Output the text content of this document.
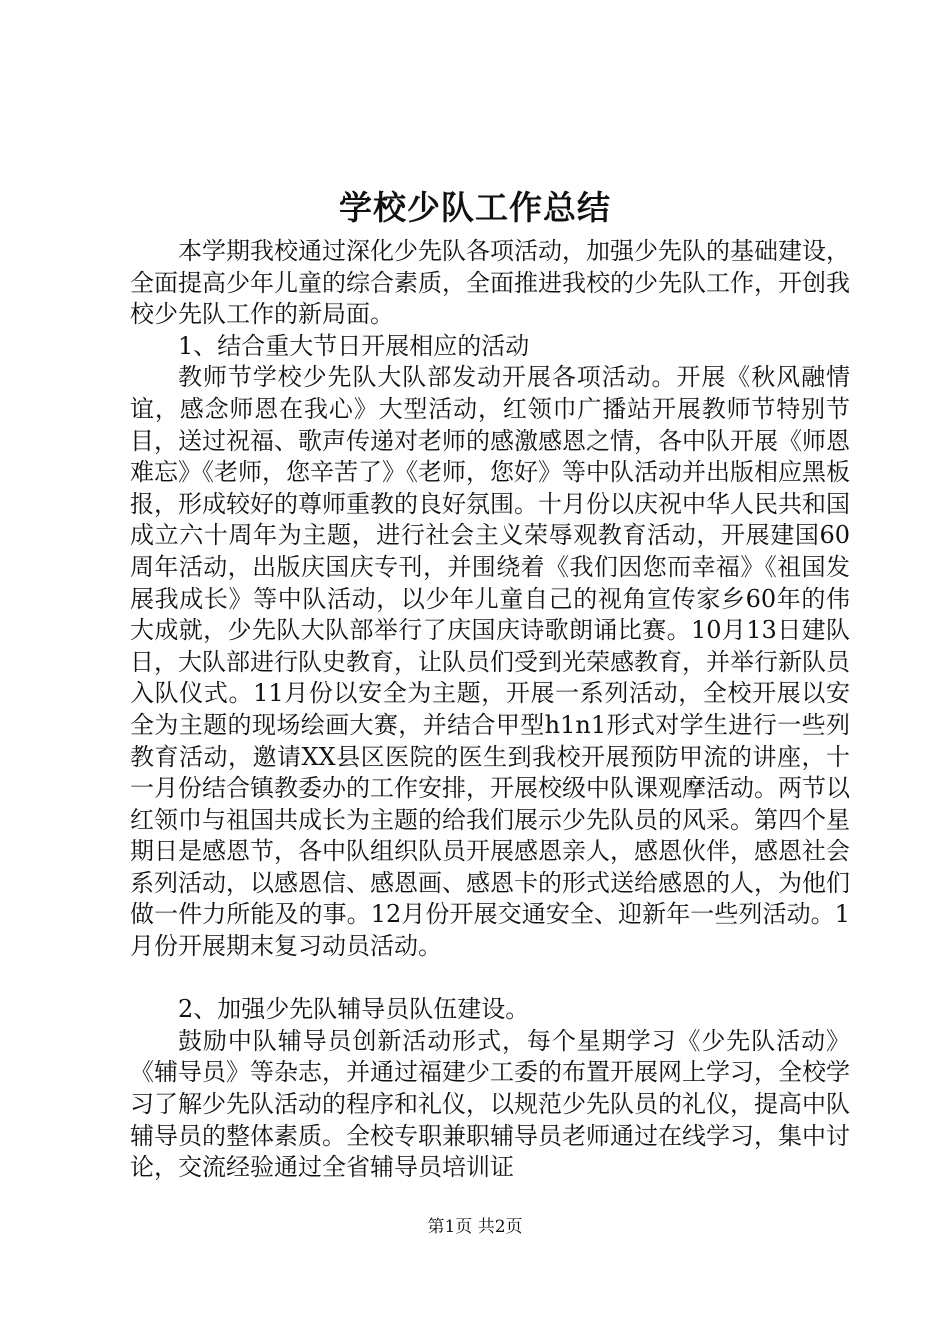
学校少队工作总结

本学期我校通过深化少先队各项活动，加强少先队的基础建设，全面提高少年儿童的综合素质，全面推进我校的少先队工作，开创我校少先队工作的新局面。

1、结合重大节日开展相应的活动

教师节学校少先队大队部发动开展各项活动。开展《秋风融情谊，感念师恩在我心》大型活动，红领巾广播站开展教师节特别节目，送过祝福、歌声传递对老师的感激感恩之情，各中队开展《师恩难忘》《老师，您辛苦了》《老师，您好》等中队活动并出版相应黑板报，形成较好的尊师重教的良好氛围。十月份以庆祝中华人民共和国成立六十周年为主题，进行社会主义荣辱观教育活动，开展建国60周年活动，出版庆国庆专刊，并围绕着《我们因您而幸福》《祖国发展我成长》等中队活动，以少年儿童自己的视角宣传家乡60年的伟大成就，少先队大队部举行了庆国庆诗歌朗诵比赛。10月13日建队日，大队部进行队史教育，让队员们受到光荣感教育，并举行新队员入队仪式。11月份以安全为主题，开展一系列活动，全校开展以安全为主题的现场绘画大赛，并结合甲型h1n1形式对学生进行一些列教育活动，邀请XX县区医院的医生到我校开展预防甲流的讲座，十一月份结合镇教委办的工作安排，开展校级中队课观摩活动。两节以红领巾与祖国共成长为主题的给我们展示少先队员的风采。第四个星期日是感恩节，各中队组织队员开展感恩亲人，感恩伙伴，感恩社会系列活动，以感恩信、感恩画、感恩卡的形式送给感恩的人，为他们做一件力所能及的事。12月份开展交通安全、迎新年一些列活动。1月份开展期末复习动员活动。

2、加强少先队辅导员队伍建设。

鼓励中队辅导员创新活动形式，每个星期学习《少先队活动》《辅导员》等杂志，并通过福建少工委的布置开展网上学习，全校学习了解少先队活动的程序和礼仪，以规范少先队员的礼仪，提高中队辅导员的整体素质。全校专职兼职辅导员老师通过在线学习，集中讨论，交流经验通过全省辅导员培训证

第1页 共2页
